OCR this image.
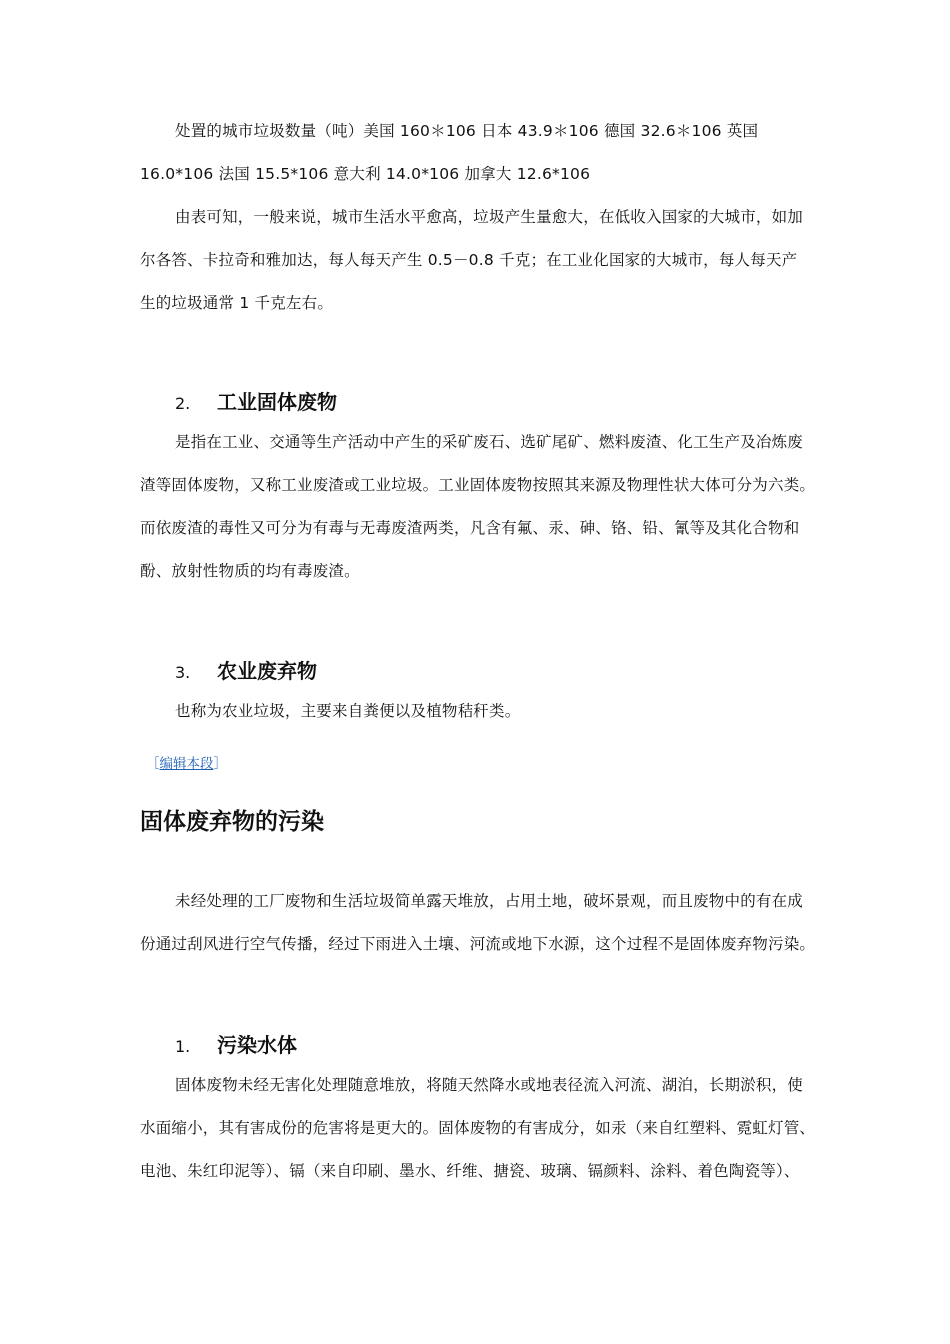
处置的城市垃圾数量（吨）美国 160＊106 日本 43.9＊106 德国 32.6＊106 英国
16.0*106 法国 15.5*106 意大利 14.0*106 加拿大 12.6*106
由表可知，一般来说，城市生活水平愈高，垃圾产生量愈大，在低收入国家的大城市，如加
尔各答、卡拉奇和雅加达，每人每天产生 0.5－0.8 千克；在工业化国家的大城市，每人每天产
生的垃圾通常 1 千克左右。
2. 工业固体废物
是指在工业、交通等生产活动中产生的采矿废石、选矿尾矿、燃料废渣、化工生产及冶炼废
渣等固体废物，又称工业废渣或工业垃圾。工业固体废物按照其来源及物理性状大体可分为六类。
而依废渣的毒性又可分为有毒与无毒废渣两类，凡含有氟、汞、砷、铬、铅、氰等及其化合物和
酚、放射性物质的均有毒废渣。
3. 农业废弃物
也称为农业垃圾，主要来自粪便以及植物秸秆类。
［编辑本段］
固体废弃物的污染
未经处理的工厂废物和生活垃圾简单露天堆放，占用土地，破坏景观，而且废物中的有在成
份通过刮风进行空气传播，经过下雨进入土壤、河流或地下水源，这个过程不是固体废弃物污染。
1. 污染水体
固体废物未经无害化处理随意堆放，将随天然降水或地表径流入河流、湖泊，长期淤积，使
水面缩小，其有害成份的危害将是更大的。固体废物的有害成分，如汞（来自红塑料、霓虹灯管、
电池、朱红印泥等）、镉（来自印刷、墨水、纤维、搪瓷、玻璃、镉颜料、涂料、着色陶瓷等）、
